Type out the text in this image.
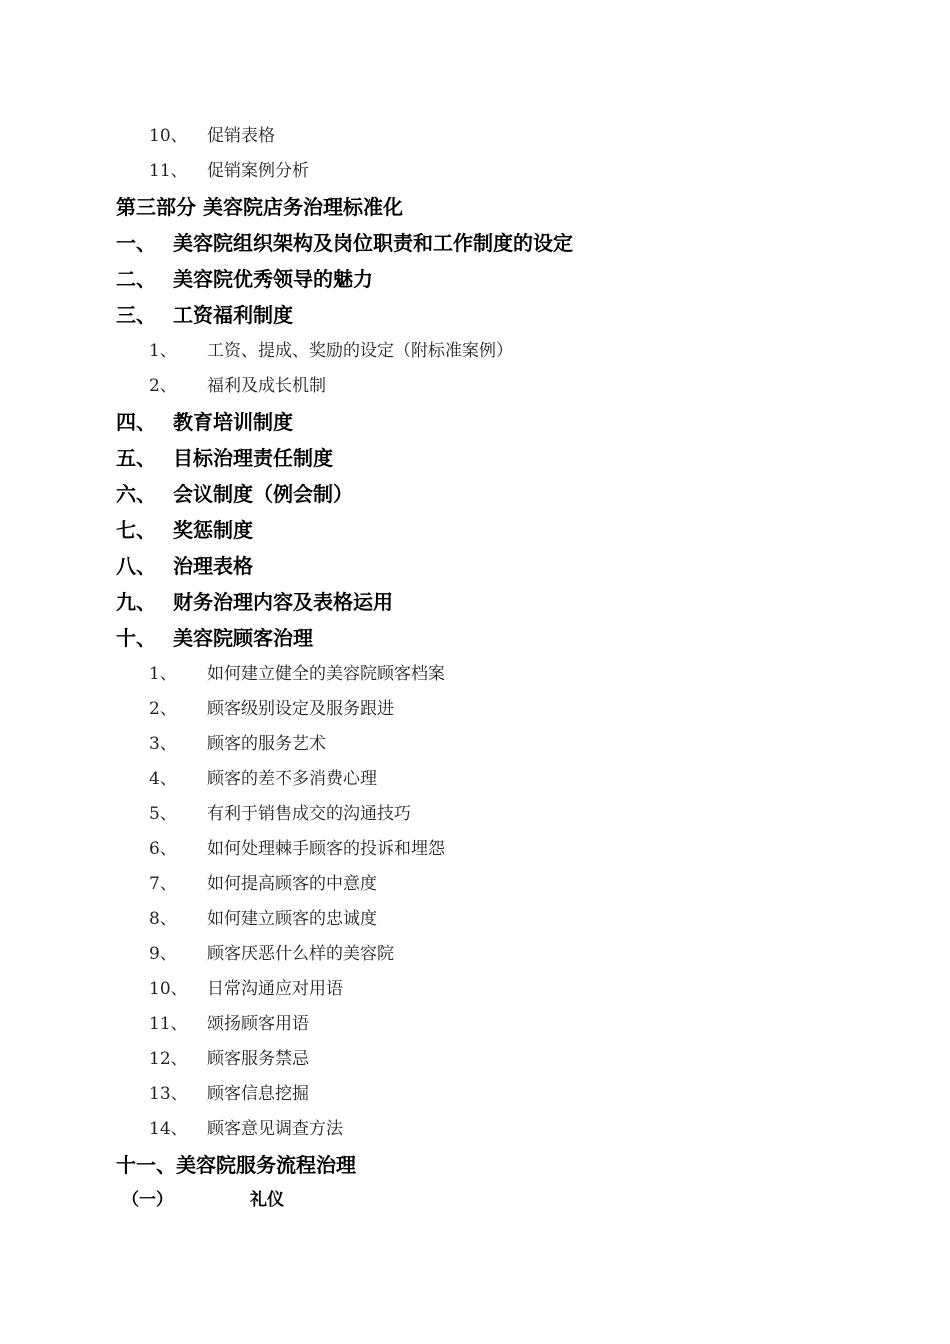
10、 促销表格
11、 促销案例分析
第三部分 美容院店务治理标准化
一、 美容院组织架构及岗位职责和工作制度的设定
二、 美容院优秀领导的魅力
三、 工资福利制度
1、 工资、提成、奖励的设定（附标准案例）
2、 福利及成长机制
四、 教育培训制度
五、 目标治理责任制度
六、 会议制度（例会制）
七、 奖惩制度
八、 治理表格
九、 财务治理内容及表格运用
十、 美容院顾客治理
1、 如何建立健全的美容院顾客档案
2、 顾客级别设定及服务跟进
3、 顾客的服务艺术
4、 顾客的差不多消费心理
5、 有利于销售成交的沟通技巧
6、 如何处理棘手顾客的投诉和埋怨
7、 如何提高顾客的中意度
8、 如何建立顾客的忠诚度
9、 顾客厌恶什么样的美容院
10、 日常沟通应对用语
11、 颂扬顾客用语
12、 顾客服务禁忌
13、 顾客信息挖掘
14、 顾客意见调查方法
十一、美容院服务流程治理
（一）	礼仪
